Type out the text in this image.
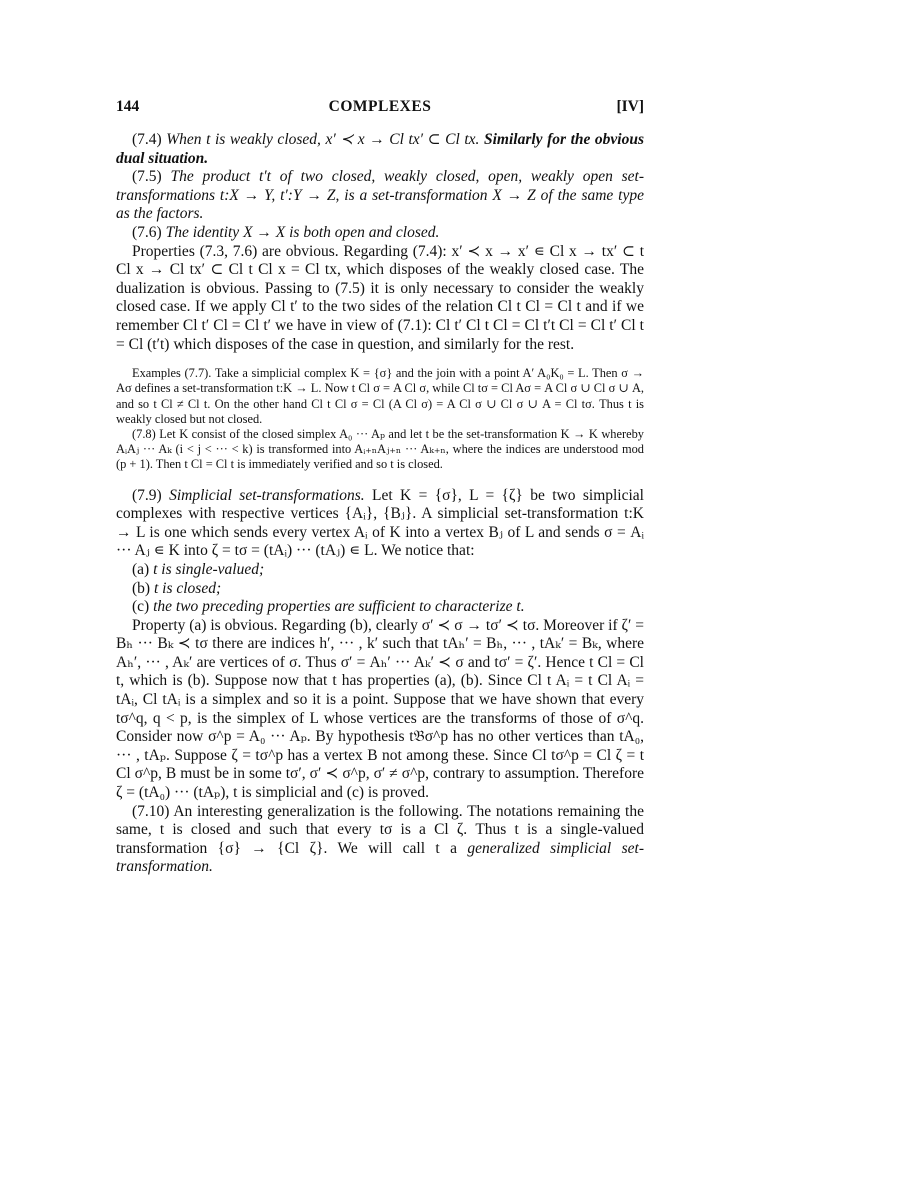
144	COMPLEXES	[IV]

(7.4) When t is weakly closed, x′ ≺ x → Cl tx′ ⊂ Cl tx. Similarly for the obvious dual situation.

(7.5) The product t′t of two closed, weakly closed, open, weakly open set-transformations t:X → Y, t′:Y → Z, is a set-transformation X → Z of the same type as the factors.

(7.6) The identity X → X is both open and closed.

Properties (7.3, 7.6) are obvious. Regarding (7.4): x′ ≺ x → x′ ∊ Cl x → tx′ ⊂ t Cl x → Cl tx′ ⊂ Cl t Cl x = Cl tx, which disposes of the weakly closed case. The dualization is obvious. Passing to (7.5) it is only necessary to consider the weakly closed case. If we apply Cl t′ to the two sides of the relation Cl t Cl = Cl t and if we remember Cl t′ Cl = Cl t′ we have in view of (7.1): Cl t′ Cl t Cl = Cl t′t Cl = Cl t′ Cl t = Cl (t′t) which disposes of the case in question, and similarly for the rest.

Examples (7.7). Take a simplicial complex K = {σ} and the join with a point A′ A₀K₀ = L. Then σ → Aσ defines a set-transformation t:K → L. Now t Cl σ = A Cl σ, while Cl tσ = Cl Aσ = A Cl σ ∪ Cl σ ∪ A, and so t Cl ≠ Cl t. On the other hand Cl t Cl σ = Cl (A Cl σ) = A Cl σ ∪ Cl σ ∪ A = Cl tσ. Thus t is weakly closed but not closed.

(7.8) Let K consist of the closed simplex A₀ ··· Aₚ and let t be the set-transformation K → K whereby AᵢAⱼ ··· Aₖ (i < j < ··· < k) is transformed into Aᵢ₊ₙAⱼ₊ₙ ··· Aₖ₊ₙ, where the indices are understood mod (p + 1). Then t Cl = Cl t is immediately verified and so t is closed.

(7.9) Simplicial set-transformations. Let K = {σ}, L = {ζ} be two simplicial complexes with respective vertices {Aᵢ}, {Bⱼ}. A simplicial set-transformation t:K → L is one which sends every vertex Aᵢ of K into a vertex Bⱼ of L and sends σ = Aᵢ ··· Aⱼ ∊ K into ζ = tσ = (tAᵢ) ··· (tAⱼ) ∊ L. We notice that:

(a) t is single-valued;

(b) t is closed;

(c) the two preceding properties are sufficient to characterize t.

Property (a) is obvious. Regarding (b), clearly σ′ ≺ σ → tσ′ ≺ tσ. Moreover if ζ′ = Bₕ ··· Bₖ ≺ tσ there are indices h′, ··· , k′ such that tAₕ′ = Bₕ, ··· , tAₖ′ = Bₖ, where Aₕ′, ··· , Aₖ′ are vertices of σ. Thus σ′ = Aₕ′ ··· Aₖ′ ≺ σ and tσ′ = ζ′. Hence t Cl = Cl t, which is (b). Suppose now that t has properties (a), (b). Since Cl t Aᵢ = t Cl Aᵢ = tAᵢ, Cl tAᵢ is a simplex and so it is a point. Suppose that we have shown that every tσ^q, q < p, is the simplex of L whose vertices are the transforms of those of σ^q. Consider now σ^p = A₀ ··· Aₚ. By hypothesis t𝔅σ^p has no other vertices than tA₀, ··· , tAₚ. Suppose ζ = tσ^p has a vertex B not among these. Since Cl tσ^p = Cl ζ = t Cl σ^p, B must be in some tσ′, σ′ ≺ σ^p, σ′ ≠ σ^p, contrary to assumption. Therefore ζ = (tA₀) ··· (tAₚ), t is simplicial and (c) is proved.

(7.10) An interesting generalization is the following. The notations remaining the same, t is closed and such that every tσ is a Cl ζ. Thus t is a single-valued transformation {σ} → {Cl ζ}. We will call t a generalized simplicial set-transformation.
